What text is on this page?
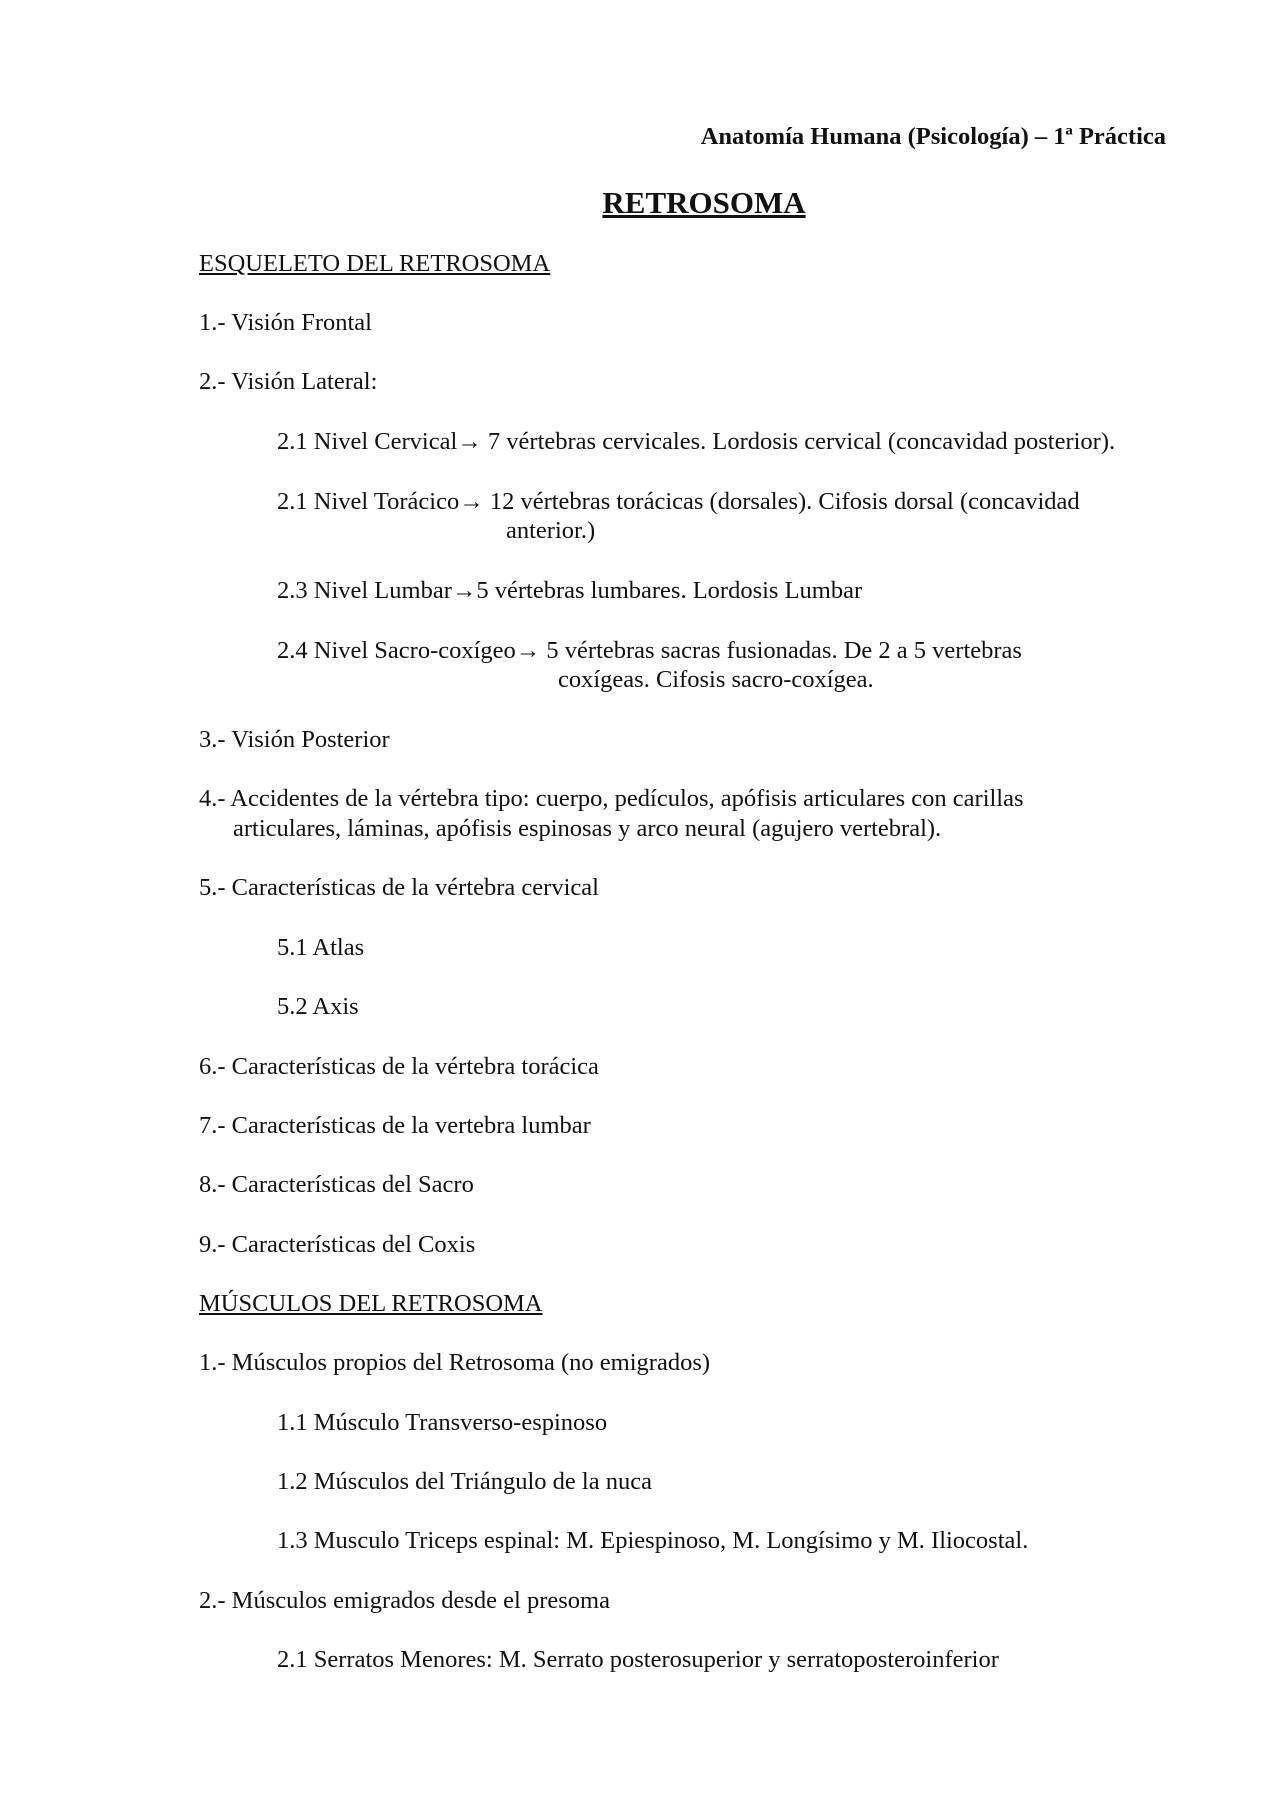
Anatomía Humana (Psicología) – 1ª Práctica
RETROSOMA
ESQUELETO DEL RETROSOMA
1.- Visión Frontal
2.- Visión Lateral:
2.1 Nivel Cervical→ 7 vértebras cervicales. Lordosis cervical (concavidad posterior).
2.1 Nivel Torácico→ 12 vértebras torácicas (dorsales). Cifosis dorsal (concavidad
anterior.)
2.3 Nivel Lumbar→5 vértebras lumbares. Lordosis Lumbar
2.4 Nivel Sacro-coxígeo→ 5 vértebras sacras fusionadas. De 2 a 5 vertebras
coxígeas. Cifosis sacro-coxígea.
3.- Visión Posterior
4.- Accidentes de la vértebra tipo: cuerpo, pedículos, apófisis articulares con carillas
articulares, láminas, apófisis espinosas y arco neural (agujero vertebral).
5.- Características de la vértebra cervical
5.1 Atlas
5.2 Axis
6.- Características de la vértebra torácica
7.- Características de la vertebra lumbar
8.- Características del Sacro
9.- Características del Coxis
MÚSCULOS DEL RETROSOMA
1.- Músculos propios del Retrosoma (no emigrados)
1.1 Músculo Transverso-espinoso
1.2 Músculos del Triángulo de la nuca
1.3 Musculo Triceps espinal: M. Epiespinoso, M. Longísimo y M. Iliocostal.
2.- Músculos emigrados desde el presoma
2.1 Serratos Menores: M. Serrato posterosuperior y serratoposteroinferior
